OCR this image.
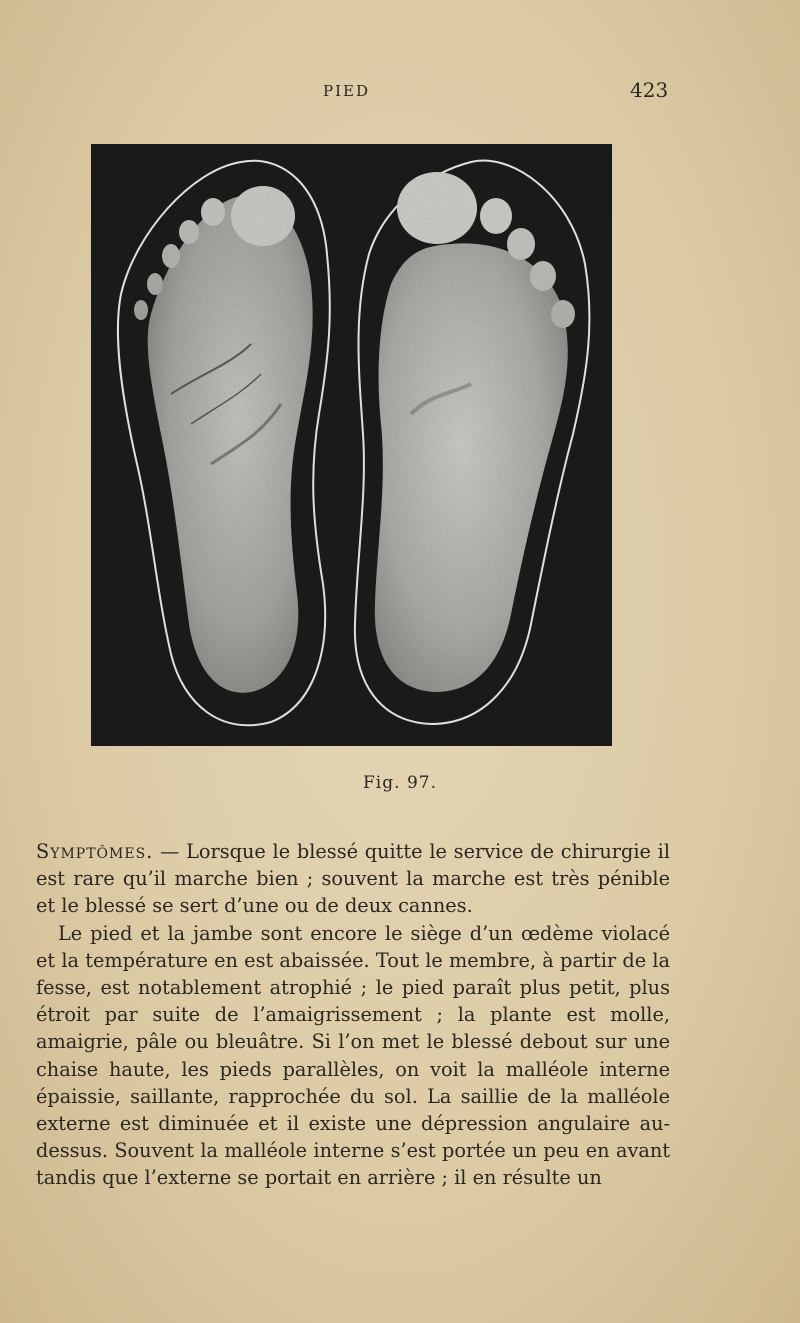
PIED	423
Fig. 97.

Symptômes. — Lorsque le blessé quitte le service de chirurgie il est rare qu’il marche bien ; souvent la marche est très pénible et le blessé se sert d’une ou de deux cannes.

Le pied et la jambe sont encore le siège d’un œdème violacé et la température en est abaissée. Tout le membre, à partir de la fesse, est notablement atrophié ; le pied paraît plus petit, plus étroit par suite de l’amaigrissement ; la plante est molle, amaigrie, pâle ou bleuâtre. Si l’on met le blessé debout sur une chaise haute, les pieds parallèles, on voit la malléole interne épaissie, saillante, rapprochée du sol. La saillie de la malléole externe est diminuée et il existe une dépression angulaire au-dessus. Souvent la malléole interne s’est portée un peu en avant tandis que l’externe se portait en arrière ; il en résulte un
